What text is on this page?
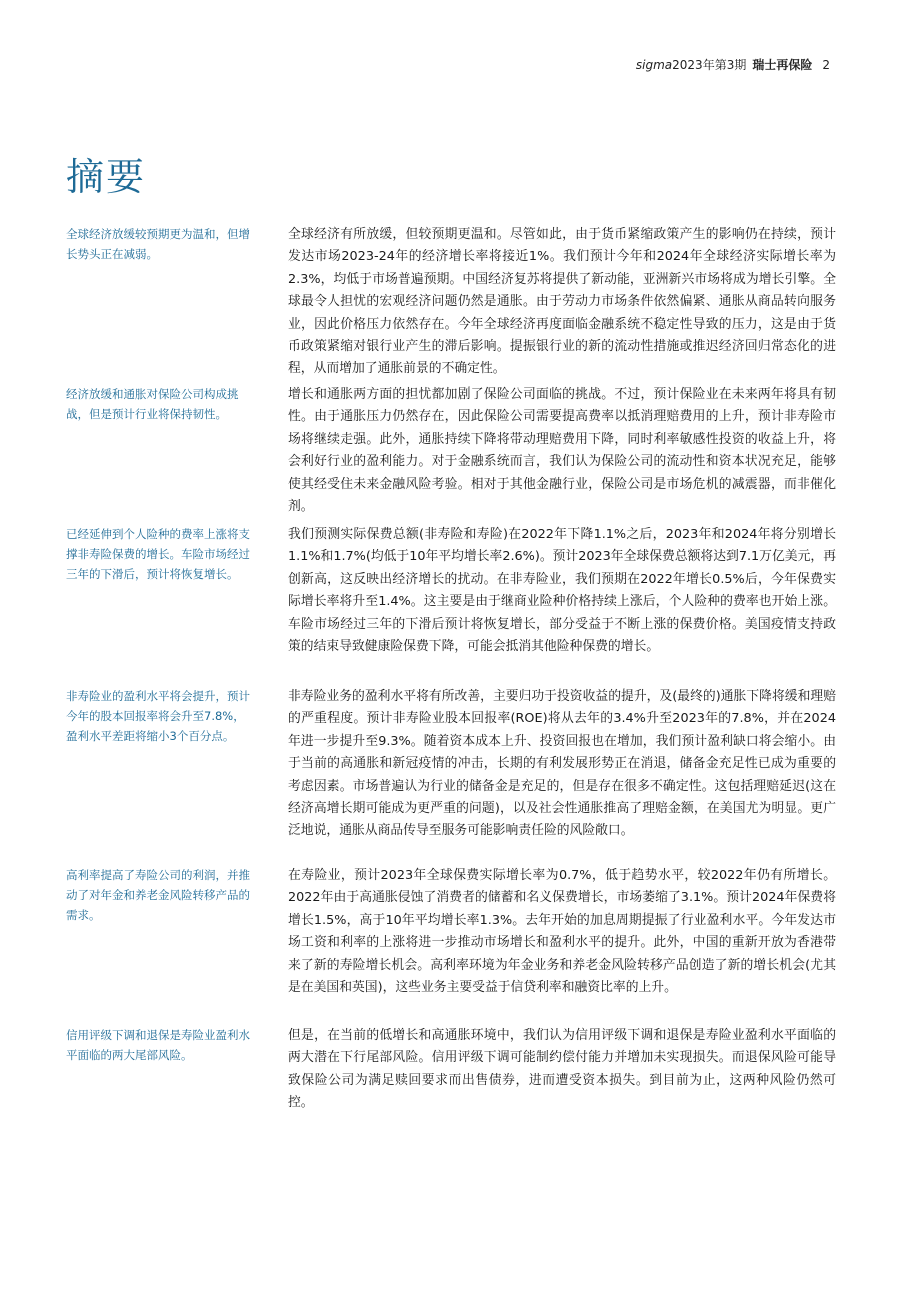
sigma2023年第3期 瑞士再保险 2
摘要

全球经济放缓较预期更为温和，但增长势头正在减弱。

全球经济有所放缓，但较预期更温和。尽管如此，由于货币紧缩政策产生的影响仍在持续，预计发达市场2023-24年的经济增长率将接近1%。我们预计今年和2024年全球经济实际增长率为2.3%，均低于市场普遍预期。中国经济复苏将提供了新动能，亚洲新兴市场将成为增长引擎。全球最令人担忧的宏观经济问题仍然是通胀。由于劳动力市场条件依然偏紧、通胀从商品转向服务业，因此价格压力依然存在。今年全球经济再度面临金融系统不稳定性导致的压力，这是由于货币政策紧缩对银行业产生的滞后影响。提振银行业的新的流动性措施或推迟经济回归常态化的进程，从而增加了通胀前景的不确定性。

经济放缓和通胀对保险公司构成挑战，但是预计行业将保持韧性。

增长和通胀两方面的担忧都加剧了保险公司面临的挑战。不过，预计保险业在未来两年将具有韧性。由于通胀压力仍然存在，因此保险公司需要提高费率以抵消理赔费用的上升，预计非寿险市场将继续走强。此外，通胀持续下降将带动理赔费用下降，同时利率敏感性投资的收益上升，将会利好行业的盈利能力。对于金融系统而言，我们认为保险公司的流动性和资本状况充足，能够使其经受住未来金融风险考验。相对于其他金融行业，保险公司是市场危机的减震器，而非催化剂。

已经延伸到个人险种的费率上涨将支撑非寿险保费的增长。车险市场经过三年的下滑后，预计将恢复增长。

我们预测实际保费总额(非寿险和寿险)在2022年下降1.1%之后，2023年和2024年将分别增长1.1%和1.7%(均低于10年平均增长率2.6%)。预计2023年全球保费总额将达到7.1万亿美元，再创新高，这反映出经济增长的扰动。在非寿险业，我们预期在2022年增长0.5%后，今年保费实际增长率将升至1.4%。这主要是由于继商业险种价格持续上涨后，个人险种的费率也开始上涨。车险市场经过三年的下滑后预计将恢复增长，部分受益于不断上涨的保费价格。美国疫情支持政策的结束导致健康险保费下降，可能会抵消其他险种保费的增长。

非寿险业的盈利水平将会提升，预计今年的股本回报率将会升至7.8%，盈利水平差距将缩小3个百分点。

非寿险业务的盈利水平将有所改善，主要归功于投资收益的提升，及(最终的)通胀下降将缓和理赔的严重程度。预计非寿险业股本回报率(ROE)将从去年的3.4%升至2023年的7.8%，并在2024年进一步提升至9.3%。随着资本成本上升、投资回报也在增加，我们预计盈利缺口将会缩小。由于当前的高通胀和新冠疫情的冲击，长期的有利发展形势正在消退，储备金充足性已成为重要的考虑因素。市场普遍认为行业的储备金是充足的，但是存在很多不确定性。这包括理赔延迟(这在经济高增长期可能成为更严重的问题)，以及社会性通胀推高了理赔金额，在美国尤为明显。更广泛地说，通胀从商品传导至服务可能影响责任险的风险敞口。

高利率提高了寿险公司的利润，并推动了对年金和养老金风险转移产品的需求。

在寿险业，预计2023年全球保费实际增长率为0.7%，低于趋势水平，较2022年仍有所增长。2022年由于高通胀侵蚀了消费者的储蓄和名义保费增长，市场萎缩了3.1%。预计2024年保费将增长1.5%，高于10年平均增长率1.3%。去年开始的加息周期提振了行业盈利水平。今年发达市场工资和利率的上涨将进一步推动市场增长和盈利水平的提升。此外，中国的重新开放为香港带来了新的寿险增长机会。高利率环境为年金业务和养老金风险转移产品创造了新的增长机会(尤其是在美国和英国)，这些业务主要受益于信贷利率和融资比率的上升。

信用评级下调和退保是寿险业盈利水平面临的两大尾部风险。

但是，在当前的低增长和高通胀环境中，我们认为信用评级下调和退保是寿险业盈利水平面临的两大潜在下行尾部风险。信用评级下调可能制约偿付能力并增加未实现损失。而退保风险可能导致保险公司为满足赎回要求而出售债券，进而遭受资本损失。到目前为止，这两种风险仍然可控。
